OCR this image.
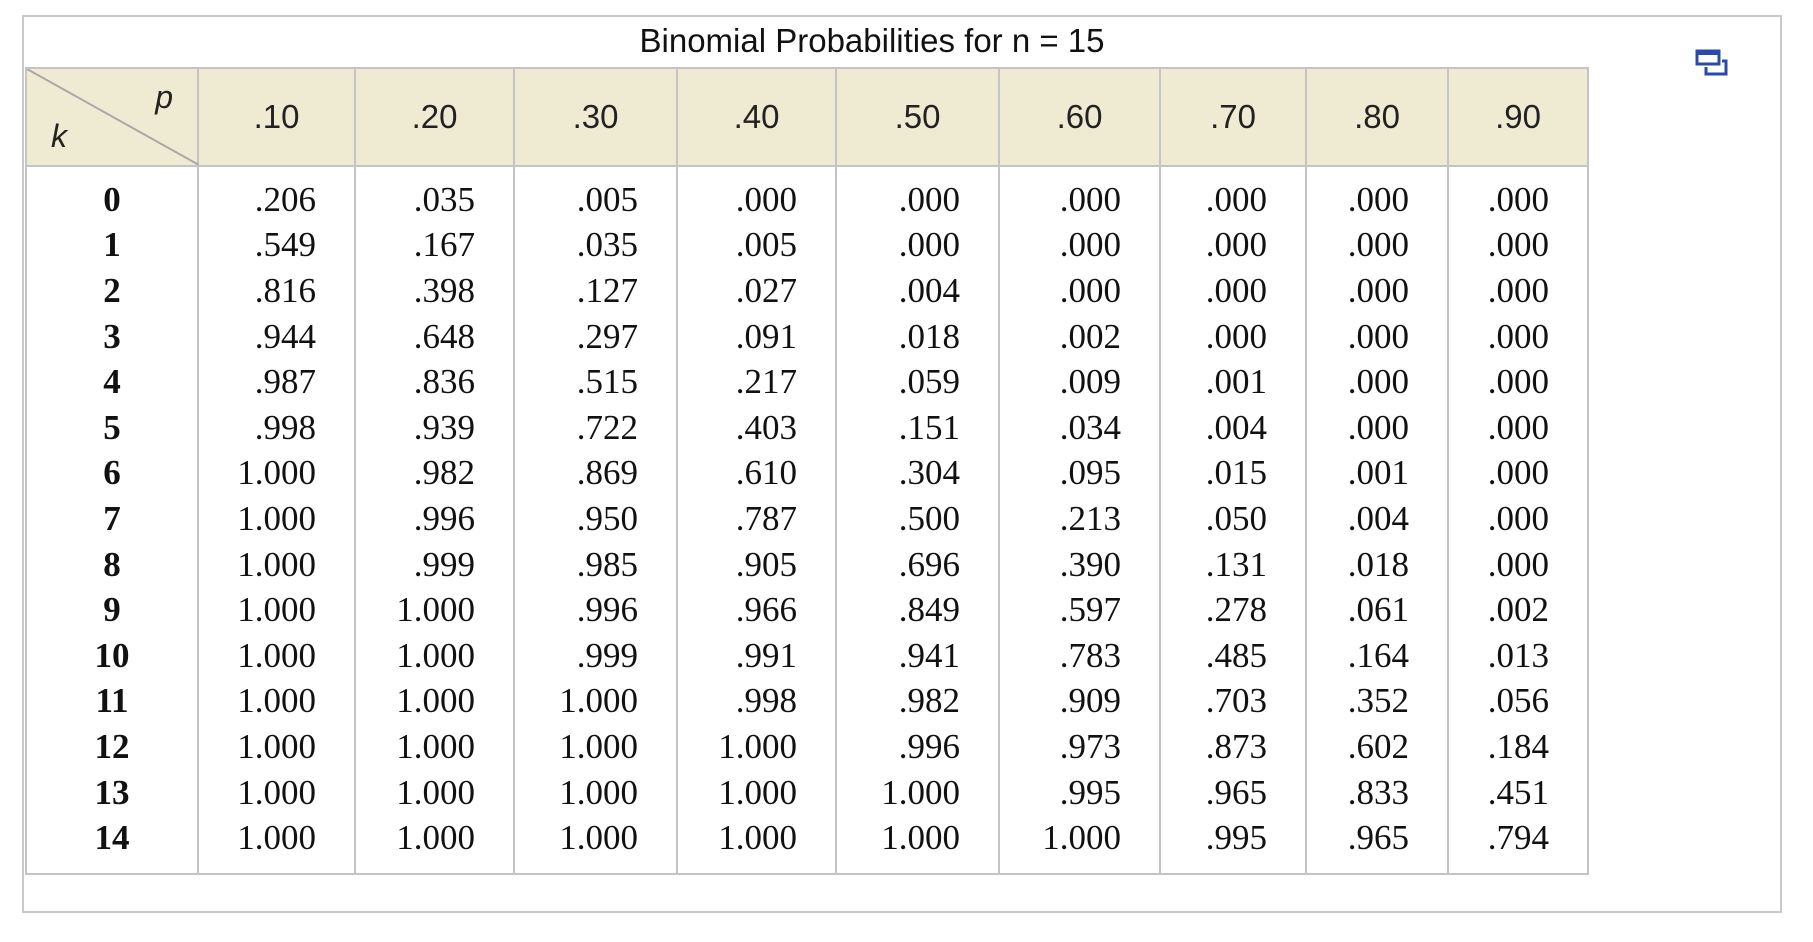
Binomial Probabilities for n = 15
p
k	.10	.20	.30	.40	.50	.60	.70	.80	.90
0	.206	.035	.005	.000	.000	.000	.000	.000	.000
1	.549	.167	.035	.005	.000	.000	.000	.000	.000
2	.816	.398	.127	.027	.004	.000	.000	.000	.000
3	.944	.648	.297	.091	.018	.002	.000	.000	.000
4	.987	.836	.515	.217	.059	.009	.001	.000	.000
5	.998	.939	.722	.403	.151	.034	.004	.000	.000
6	1.000	.982	.869	.610	.304	.095	.015	.001	.000
7	1.000	.996	.950	.787	.500	.213	.050	.004	.000
8	1.000	.999	.985	.905	.696	.390	.131	.018	.000
9	1.000	1.000	.996	.966	.849	.597	.278	.061	.002
10	1.000	1.000	.999	.991	.941	.783	.485	.164	.013
11	1.000	1.000	1.000	.998	.982	.909	.703	.352	.056
12	1.000	1.000	1.000	1.000	.996	.973	.873	.602	.184
13	1.000	1.000	1.000	1.000	1.000	.995	.965	.833	.451
14	1.000	1.000	1.000	1.000	1.000	1.000	.995	.965	.794
